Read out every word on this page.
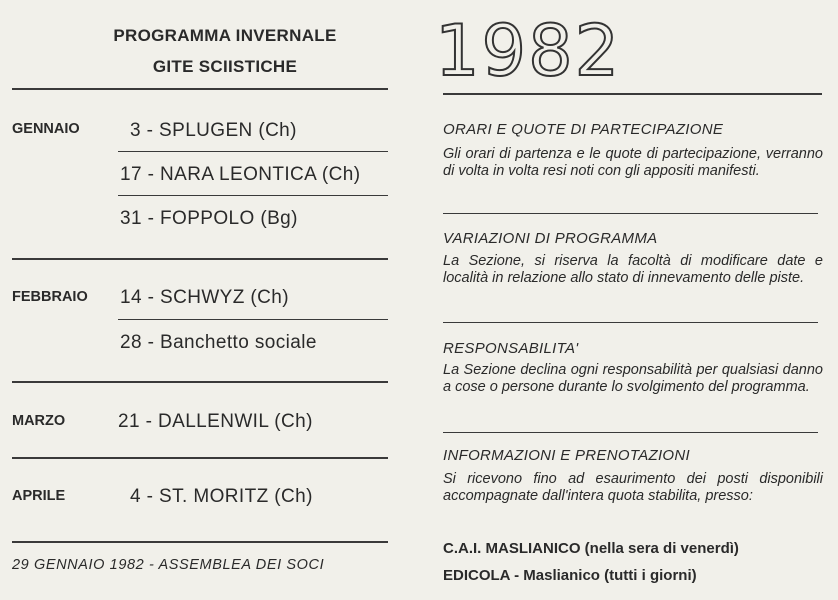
PROGRAMMA INVERNALE
GITE SCIISTICHE
GENNAIO	3 - SPLUGEN (Ch)
17 - NARA LEONTICA (Ch)
31 - FOPPOLO (Bg)
FEBBRAIO 14 - SCHWYZ (Ch)
28 - Banchetto sociale
MARZO	21 - DALLENWIL (Ch)
APRILE	4 - ST. MORITZ (Ch)
29 GENNAIO 1982 - ASSEMBLEA DEI SOCI
1982
ORARI E QUOTE DI PARTECIPAZIONE
Gli orari di partenza e le quote di partecipazione, verranno di volta in volta resi noti con gli appositi manifesti.
VARIAZIONI DI PROGRAMMA
La Sezione, si riserva la facoltà di modificare date e località in relazione allo stato di innevamento delle piste.
RESPONSABILITA'
La Sezione declina ogni responsabilità per qualsiasi danno a cose o persone durante lo svolgimento del programma.
INFORMAZIONI E PRENOTAZIONI
Si ricevono fino ad esaurimento dei posti disponibili accompagnate dall'intera quota stabilita, presso:
C.A.I. MASLIANICO (nella sera di venerdì)
EDICOLA - Maslianico (tutti i giorni)
